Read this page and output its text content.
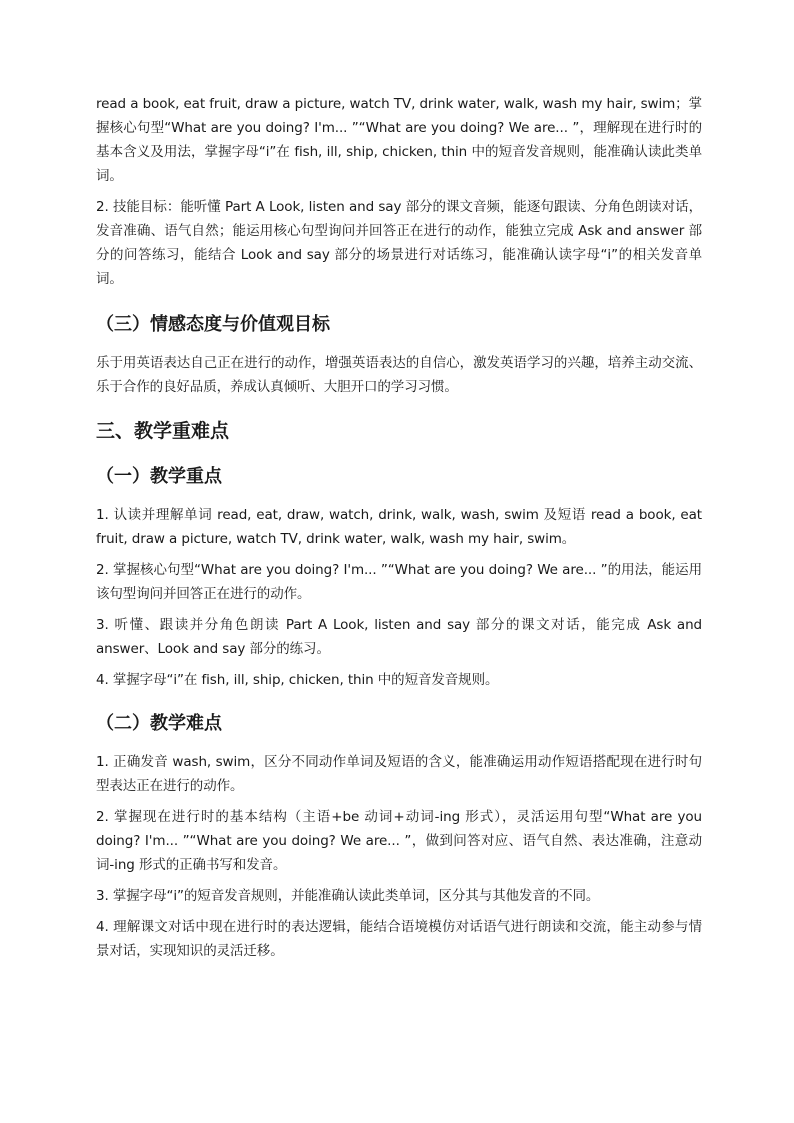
read a book, eat fruit, draw a picture, watch TV, drink water, walk, wash my hair, swim；掌握核心句型“What are you doing? I'm... ”“What are you doing? We are... ”，理解现在进行时的基本含义及用法，掌握字母“i”在 fish, ill, ship, chicken, thin 中的短音发音规则，能准确认读此类单词。

2. 技能目标：能听懂 Part A Look, listen and say 部分的课文音频，能逐句跟读、分角色朗读对话，发音准确、语气自然；能运用核心句型询问并回答正在进行的动作，能独立完成 Ask and answer 部分的问答练习，能结合 Look and say 部分的场景进行对话练习，能准确认读字母“i”的相关发音单词。

（三）情感态度与价值观目标

乐于用英语表达自己正在进行的动作，增强英语表达的自信心，激发英语学习的兴趣，培养主动交流、乐于合作的良好品质，养成认真倾听、大胆开口的学习习惯。

三、教学重难点
（一）教学重点

1. 认读并理解单词 read, eat, draw, watch, drink, walk, wash, swim 及短语 read a book, eat fruit, draw a picture, watch TV, drink water, walk, wash my hair, swim。

2. 掌握核心句型“What are you doing? I'm... ”“What are you doing? We are... ”的用法，能运用该句型询问并回答正在进行的动作。

3. 听懂、跟读并分角色朗读 Part A Look, listen and say 部分的课文对话，能完成 Ask and answer、Look and say 部分的练习。

4. 掌握字母“i”在 fish, ill, ship, chicken, thin 中的短音发音规则。

（二）教学难点

1. 正确发音 wash, swim，区分不同动作单词及短语的含义，能准确运用动作短语搭配现在进行时句型表达正在进行的动作。

2. 掌握现在进行时的基本结构（主语+be 动词+动词-ing 形式），灵活运用句型“What are you doing? I'm... ”“What are you doing? We are... ”，做到问答对应、语气自然、表达准确，注意动词-ing 形式的正确书写和发音。

3. 掌握字母“i”的短音发音规则，并能准确认读此类单词，区分其与其他发音的不同。

4. 理解课文对话中现在进行时的表达逻辑，能结合语境模仿对话语气进行朗读和交流，能主动参与情景对话，实现知识的灵活迁移。
